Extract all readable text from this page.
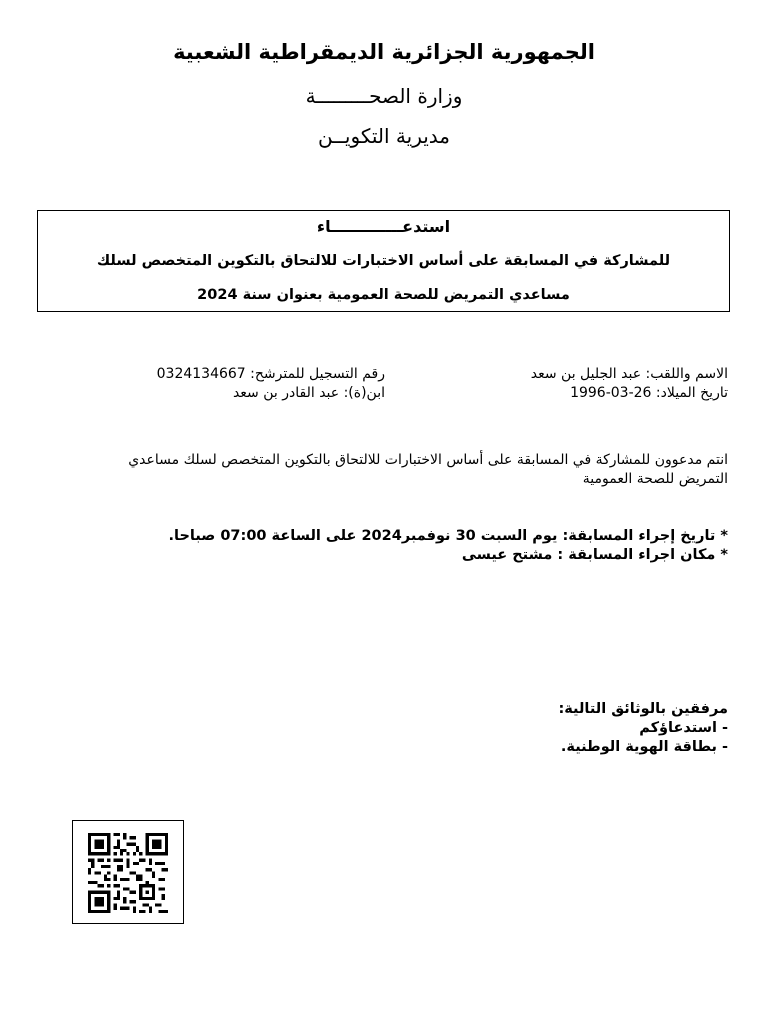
الجمهورية الجزائرية الديمقراطية الشعبية
وزارة الصحـــــــــة
مديرية التكويــن
استدعـــــــــــــاء
للمشاركة في المسابقة على أساس الاختبارات للالتحاق بالتكوين المتخصص لسلك
مساعدي التمريض للصحة العمومية بعنوان سنة 2024
الاسم واللقب: عبد الجليل بن سعد
تاريخ الميلاد: 1996-03-26
رقم التسجيل للمترشح: 0324134667
ابن(ة): عبد القادر بن سعد
انتم مدعوون للمشاركة في المسابقة على أساس الاختبارات للالتحاق بالتكوين المتخصص لسلك مساعدي التمريض للصحة العمومية
* تاريخ إجراء المسابقة: يوم السبت 30 نوفمبر2024 على الساعة 07:00 صباحا.
* مكان اجراء المسابقة : مشتح عيسى
مرفقين بالوثائق التالية:
- استدعاؤكم
- بطاقة الهوية الوطنية.
